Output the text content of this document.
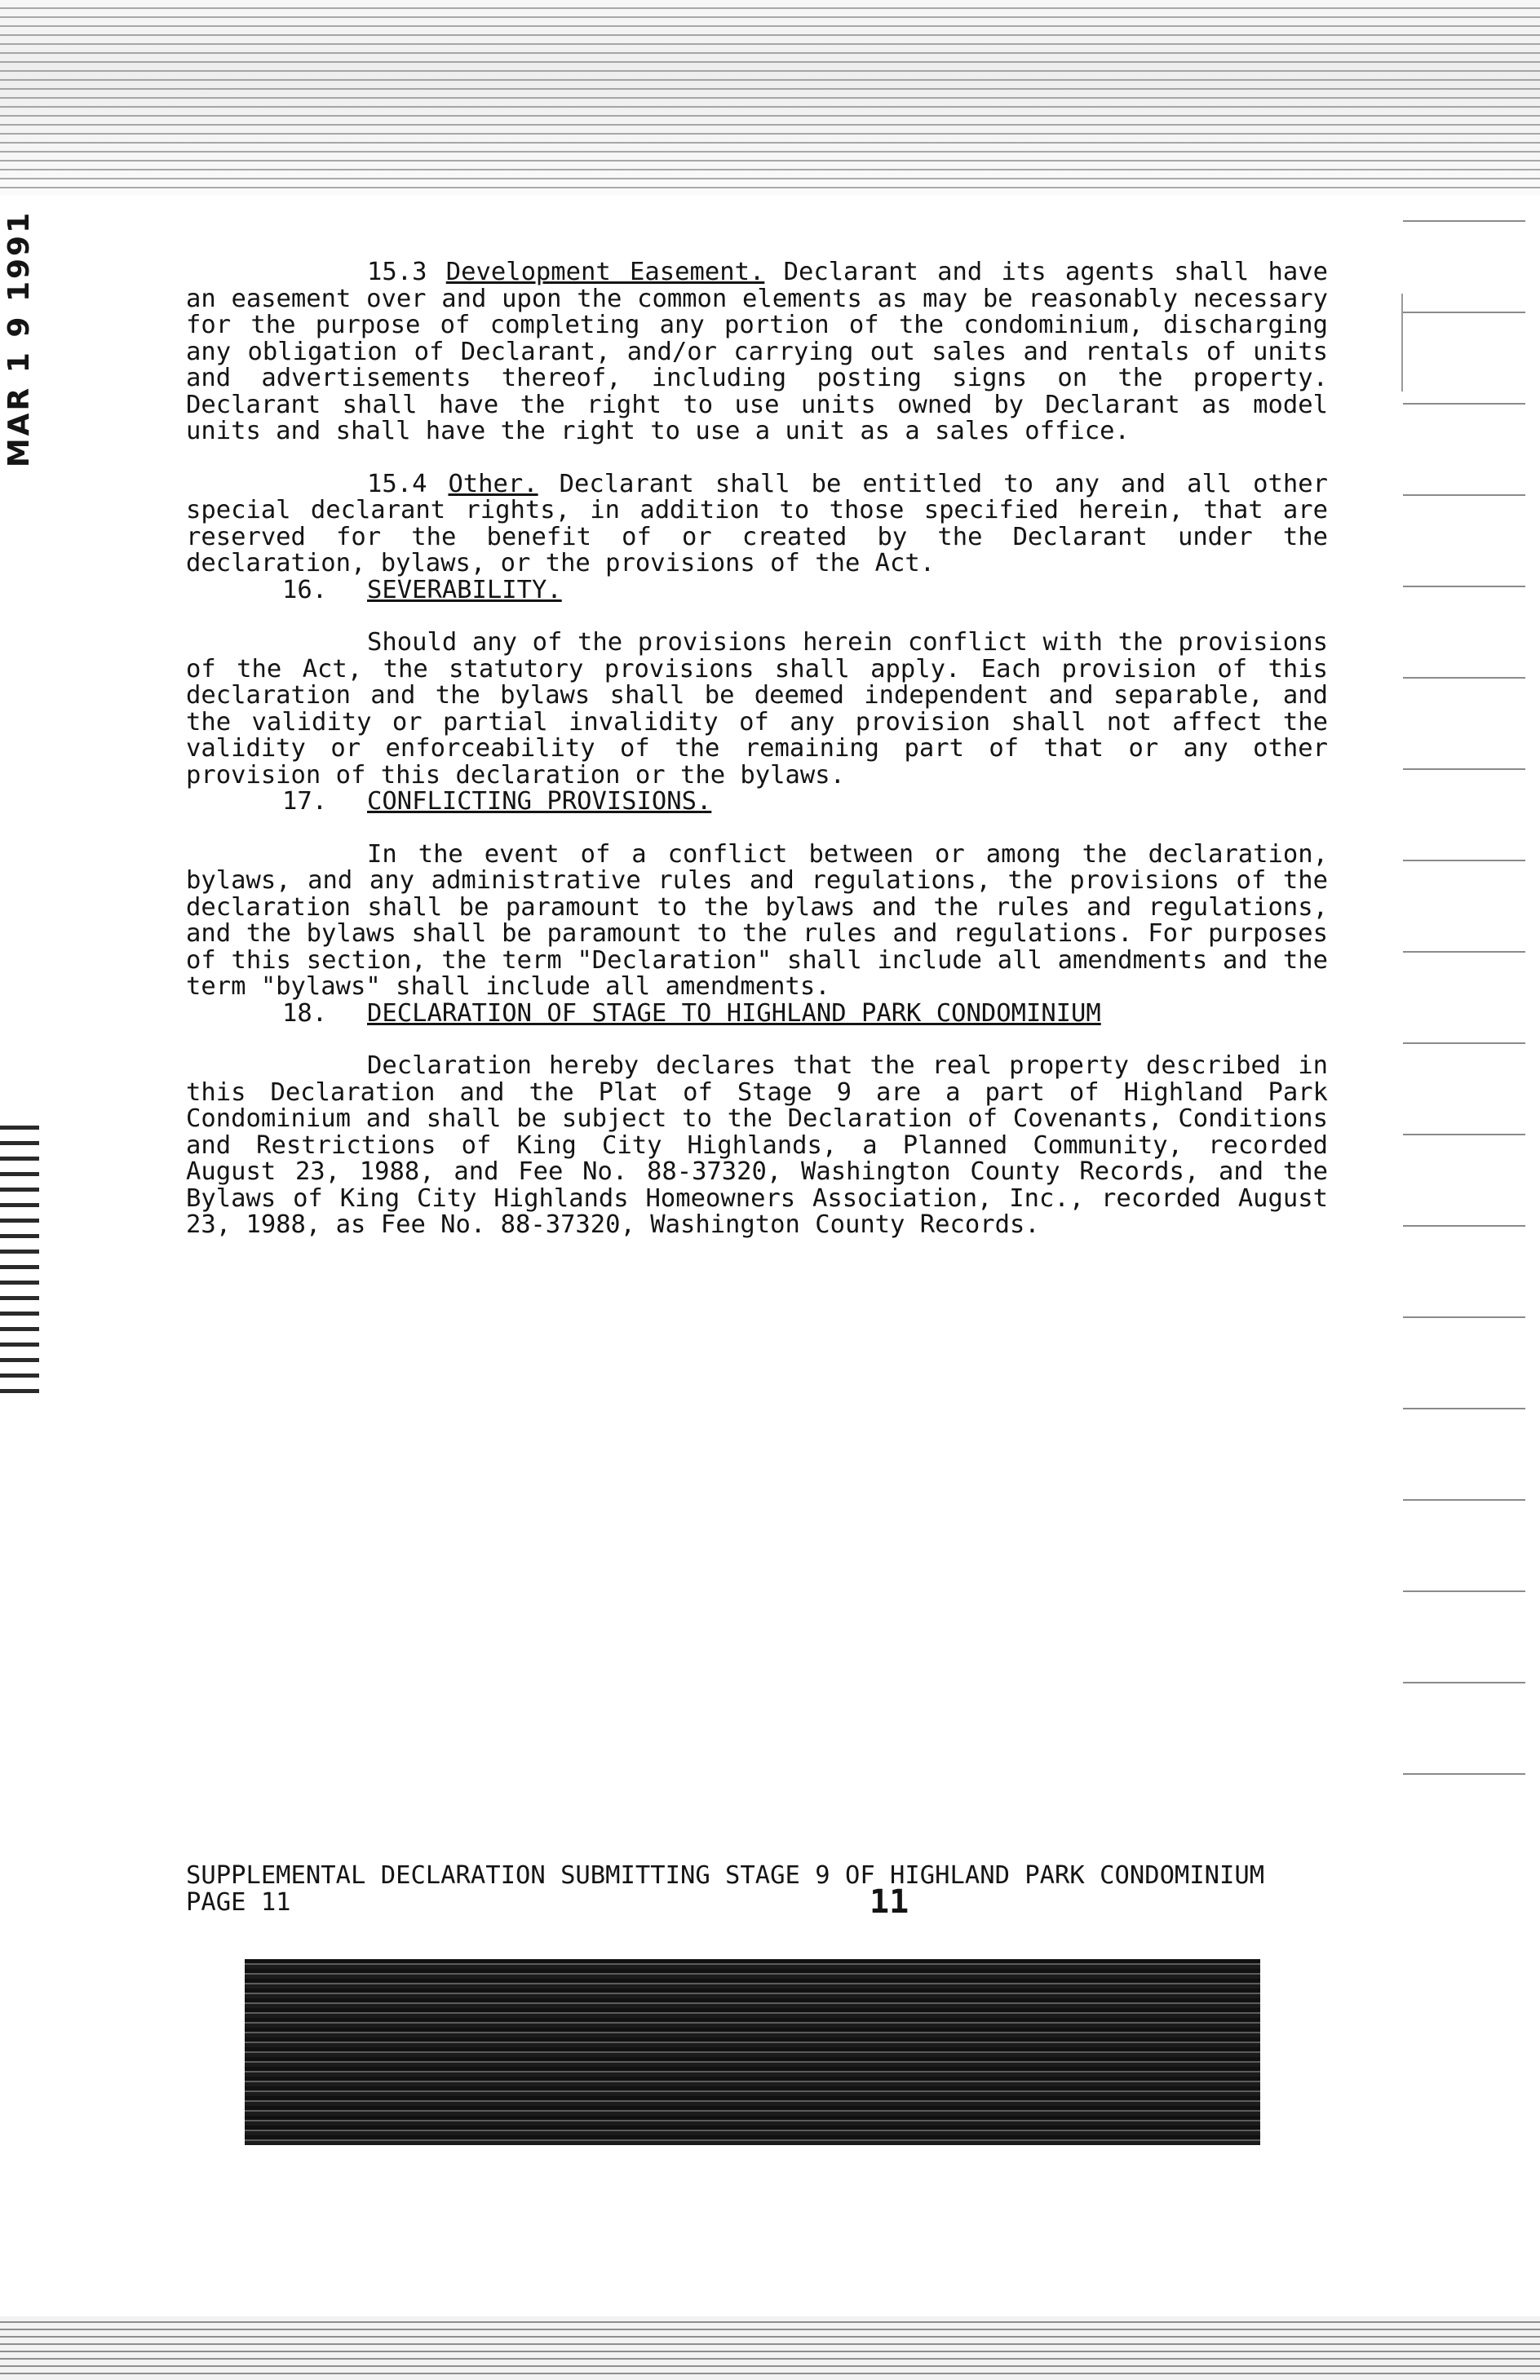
MAR 1 9 1991	15.3 Development Easement. Declarant and its agents shall have an easement over and upon the common elements as may be reasonably necessary for the purpose of completing any portion of the condominium, discharging any obligation of Declarant, and/or carrying out sales and rentals of units and advertisements thereof, including posting signs on the property. Declarant shall have the right to use units owned by Declarant as model units and shall have the right to use a unit as a sales office.

15.4 Other. Declarant shall be entitled to any and all other special declarant rights, in addition to those specified herein, that are reserved for the benefit of or created by the Declarant under the declaration, bylaws, or the provisions of the Act.

16. SEVERABILITY.

Should any of the provisions herein conflict with the provisions of the Act, the statutory provisions shall apply. Each provision of this declaration and the bylaws shall be deemed independent and separable, and the validity or partial invalidity of any provision shall not affect the validity or enforceability of the remaining part of that or any other provision of this declaration or the bylaws.

17. CONFLICTING PROVISIONS.

In the event of a conflict between or among the declaration, bylaws, and any administrative rules and regulations, the provisions of the declaration shall be paramount to the bylaws and the rules and regulations, and the bylaws shall be paramount to the rules and regulations. For purposes of this section, the term "Declaration" shall include all amendments and the term "bylaws" shall include all amendments.

18. DECLARATION OF STAGE TO HIGHLAND PARK CONDOMINIUM

Declaration hereby declares that the real property described in this Declaration and the Plat of Stage 9 are a part of Highland Park Condominium and shall be subject to the Declaration of Covenants, Conditions and Restrictions of King City Highlands, a Planned Community, recorded August 23, 1988, and Fee No. 88-37320, Washington County Records, and the Bylaws of King City Highlands Homeowners Association, Inc., recorded August 23, 1988, as Fee No. 88-37320, Washington County Records.

SUPPLEMENTAL DECLARATION SUBMITTING STAGE 9 OF HIGHLAND PARK CONDOMINIUM
PAGE 11	11
